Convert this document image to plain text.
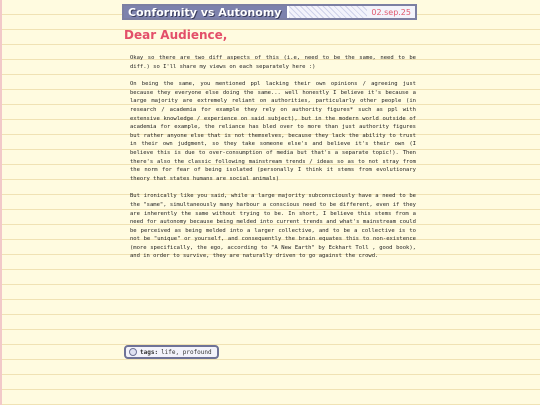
Conformity vs Autonomy	02.sep.25
Dear Audience,

Okay so there are two diff aspects of this (i.e, need to be the same, need to be diff.) so I'll share my views on each separately here :)

On being the same, you mentioned ppl lacking their own opinions / agreeing just because they everyone else doing the same... well honestly I believe it's because a large majority are extremely reliant on authorities, particularly other people (in research / academia for example they rely on authority figures* such as ppl with extensive knowledge / experience on said subject), but in the modern world outside of academia for example, the reliance has bled over to more than just authority figures but rather anyone else that is not themselves, because they lack the ability to trust in their own judgment, so they take someone else's and believe it's their own (I believe this is due to over-consumption of media but that's a separate topic!). Then there's also the classic following mainstream trends / ideas so as to not stray from the norm for fear of being isolated (personally I think it stems from evolutionary theory that states humans are social animals)

But ironically like you said, while a large majority subconsciously have a need to be the "same", simultaneously many harbour a conscious need to be different, even if they are inherently the same without trying to be. In short, I believe this stems from a need for autonomy because being melded into current trends and what's mainstream could be perceived as being melded into a larger collective, and to be a collective is to not be "unique" or yourself, and consequently the brain equates this to non-existence (more specifically, the ego, according to "A New Earth" by Eckhart Toll , good book), and in order to survive, they are naturally driven to go against the crowd.

tags: life, profound
